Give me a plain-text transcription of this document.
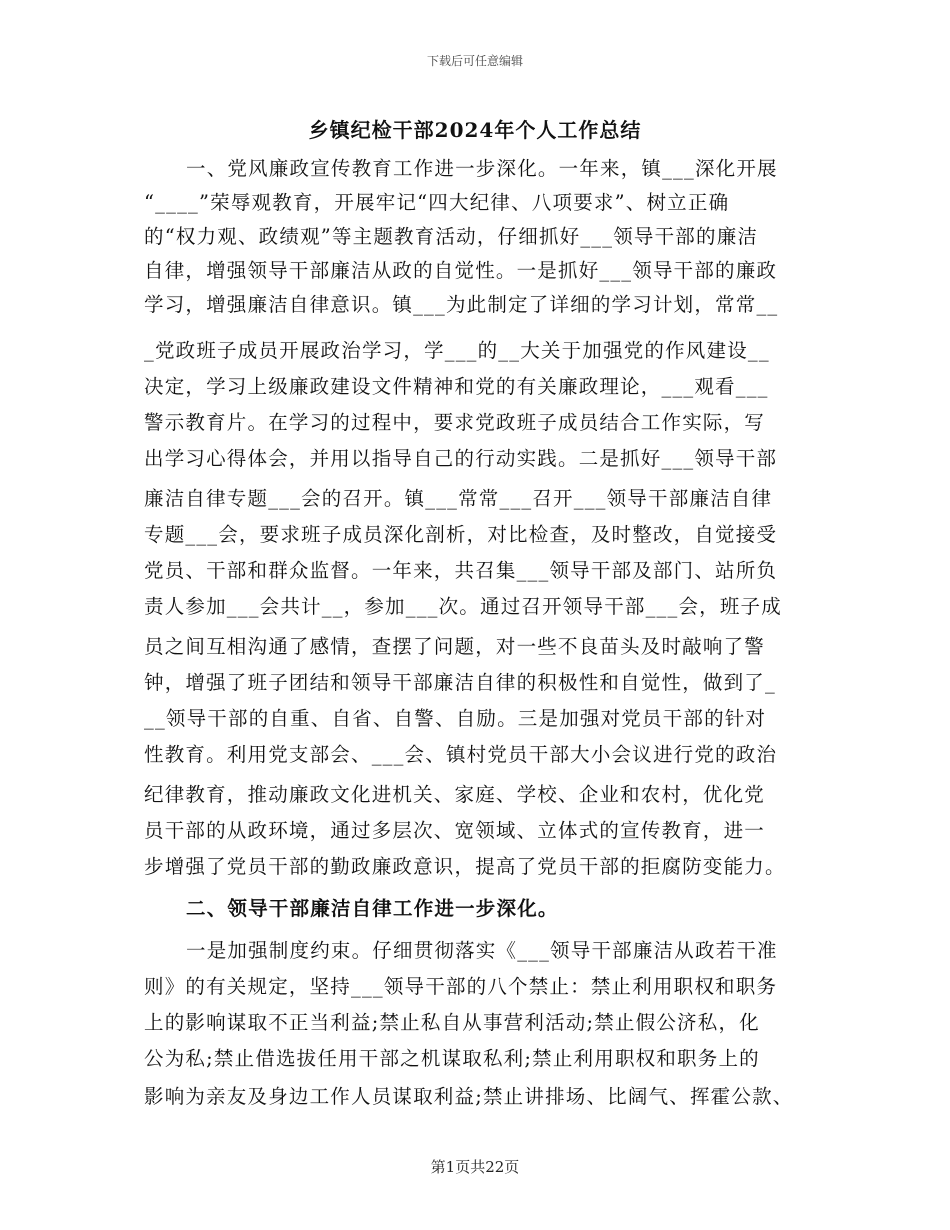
下载后可任意编辑
乡镇纪检干部2024年个人工作总结
一、党风廉政宣传教育工作进一步深化。一年来，镇___深化开展
“____”荣辱观教育，开展牢记“四大纪律、八项要求”、树立正确
的“权力观、政绩观”等主题教育活动，仔细抓好___领导干部的廉洁
自律，增强领导干部廉洁从政的自觉性。一是抓好___领导干部的廉政
学习，增强廉洁自律意识。镇___为此制定了详细的学习计划，常常__
_党政班子成员开展政治学习，学___的__大关于加强党的作风建设__
决定，学习上级廉政建设文件精神和党的有关廉政理论，___观看___
警示教育片。在学习的过程中，要求党政班子成员结合工作实际，写
出学习心得体会，并用以指导自己的行动实践。二是抓好___领导干部
廉洁自律专题___会的召开。镇___常常___召开___领导干部廉洁自律
专题___会，要求班子成员深化剖析，对比检查，及时整改，自觉接受
党员、干部和群众监督。一年来，共召集___领导干部及部门、站所负
责人参加___会共计__，参加___次。通过召开领导干部___会，班子成
员之间互相沟通了感情，查摆了问题，对一些不良苗头及时敲响了警
钟，增强了班子团结和领导干部廉洁自律的积极性和自觉性，做到了_
__领导干部的自重、自省、自警、自励。三是加强对党员干部的针对
性教育。利用党支部会、___会、镇村党员干部大小会议进行党的政治
纪律教育，推动廉政文化进机关、家庭、学校、企业和农村，优化党
员干部的从政环境，通过多层次、宽领域、立体式的宣传教育，进一
步增强了党员干部的勤政廉政意识，提高了党员干部的拒腐防变能力。
二、领导干部廉洁自律工作进一步深化。
一是加强制度约束。仔细贯彻落实《___领导干部廉洁从政若干准
则》的有关规定，坚持___领导干部的八个禁止：禁止利用职权和职务
上的影响谋取不正当利益;禁止私自从事营利活动;禁止假公济私，化
公为私;禁止借选拔任用干部之机谋取私利;禁止利用职权和职务上的
影响为亲友及身边工作人员谋取利益;禁止讲排场、比阔气、挥霍公款、
第1页共22页
